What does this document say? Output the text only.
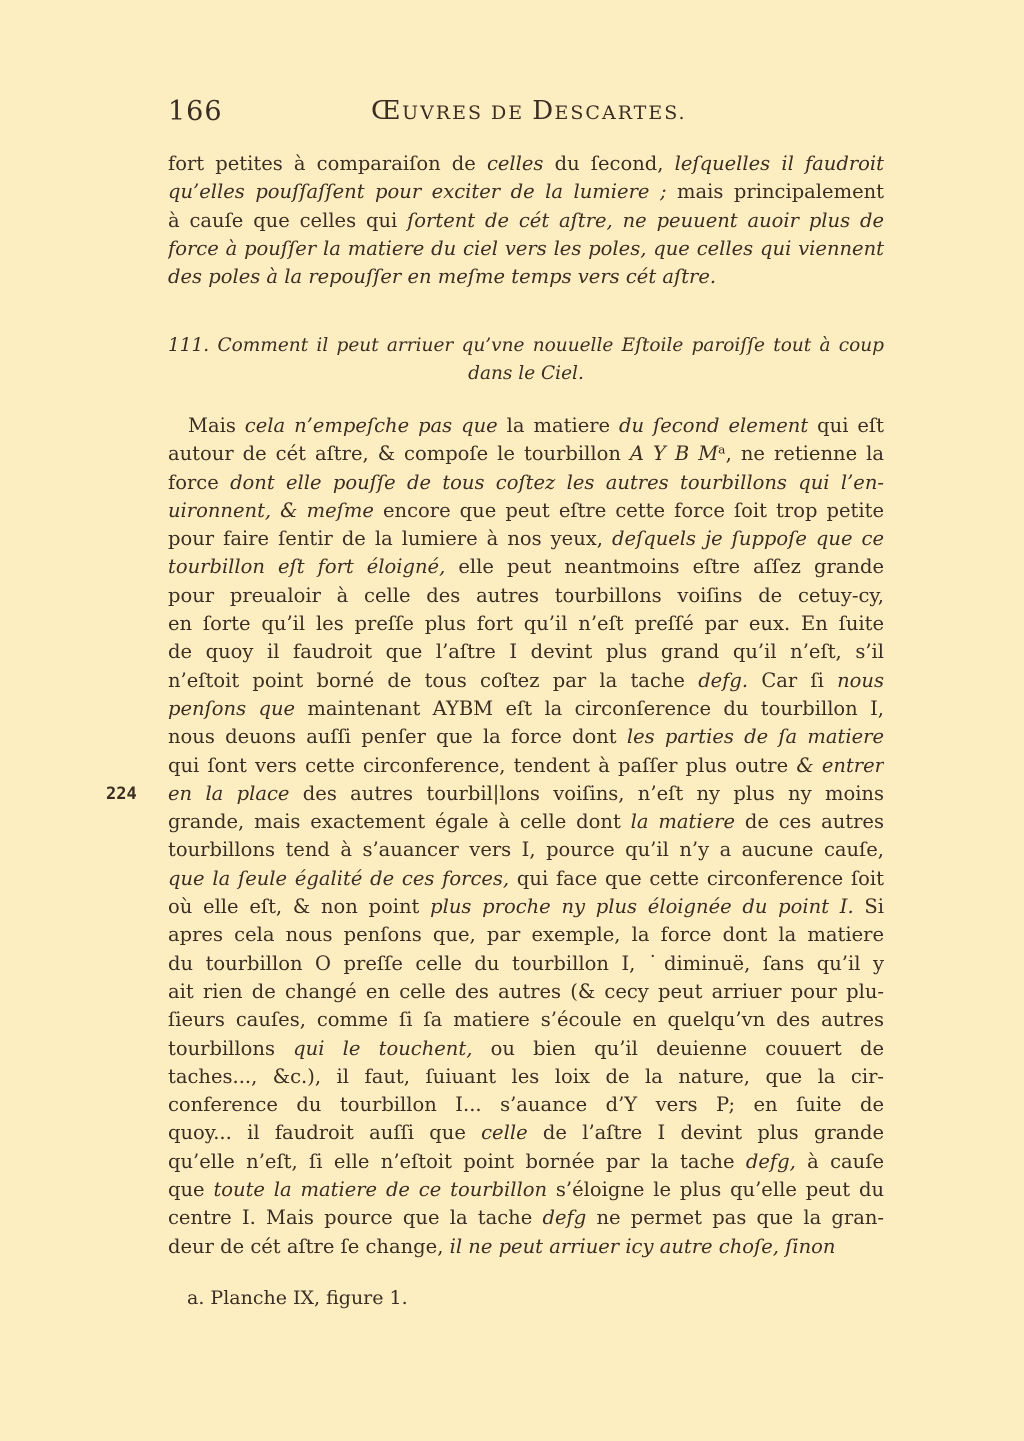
166	ŒUVRES DE DESCARTES.
fort petites à comparaiſon de celles du ſecond, leſquelles il faudroit
qu’elles pouſſaſſent pour exciter de la lumiere ; mais principalement
à cauſe que celles qui ſortent de cét aſtre, ne peuuent auoir plus de
force à pouſſer la matiere du ciel vers les poles, que celles qui viennent
des poles à la repouſſer en meſme temps vers cét aſtre.
111. Comment il peut arriuer qu’vne nouuelle Eſtoile paroiſſe tout à coup
dans le Ciel.
Mais cela n’empeſche pas que la matiere du ſecond element qui eſt
autour de cét aſtre, & compoſe le tourbillon A Y B Mᵃ, ne retienne la
force dont elle pouſſe de tous coſtez les autres tourbillons qui l’en-
uironnent, & meſme encore que peut eſtre cette force ſoit trop petite
pour faire ſentir de la lumiere à nos yeux, deſquels je ſuppoſe que ce
tourbillon eſt fort éloigné, elle peut neantmoins eſtre aſſez grande
pour preualoir à celle des autres tourbillons voiſins de cetuy-cy,
en ſorte qu’il les preſſe plus fort qu’il n’eſt preſſé par eux. En ſuite
de quoy il faudroit que l’aſtre I devint plus grand qu’il n’eſt, s’il
n’eſtoit point borné de tous coſtez par la tache defg. Car ſi nous
penſons que maintenant AYBM eſt la circonſerence du tourbillon I,
nous deuons auſſi penſer que la force dont les parties de ſa matiere
qui ſont vers cette circonference, tendent à paſſer plus outre & entrer
en la place des autres tourbil|lons voiſins, n’eſt ny plus ny moins
grande, mais exactement égale à celle dont la matiere de ces autres
tourbillons tend à s’auancer vers I, pource qu’il n’y a aucune cauſe,
que la ſeule égalité de ces forces, qui face que cette circonference ſoit
où elle eſt, & non point plus proche ny plus éloignée du point I. Si
apres cela nous penſons que, par exemple, la force dont la matiere
du tourbillon O preſſe celle du tourbillon I, ˙diminuë, ſans qu’il y
ait rien de changé en celle des autres (& cecy peut arriuer pour plu-
ſieurs cauſes, comme ſi ſa matiere s’écoule en quelqu’vn des autres
tourbillons qui le touchent, ou bien qu’il deuienne couuert de
taches..., &c.), il faut, ſuiuant les loix de la nature, que la cir-
conference du tourbillon I... s’auance d’Y vers P; en ſuite de
quoy... il faudroit auſſi que celle de l’aſtre I devint plus grande
qu’elle n’eſt, ſi elle n’eſtoit point bornée par la tache defg, à cauſe
que toute la matiere de ce tourbillon s’éloigne le plus qu’elle peut du
centre I. Mais pource que la tache defg ne permet pas que la gran-
deur de cét aſtre ſe change, il ne peut arriuer icy autre choſe, ſinon
224
a. Planche IX, figure 1.
